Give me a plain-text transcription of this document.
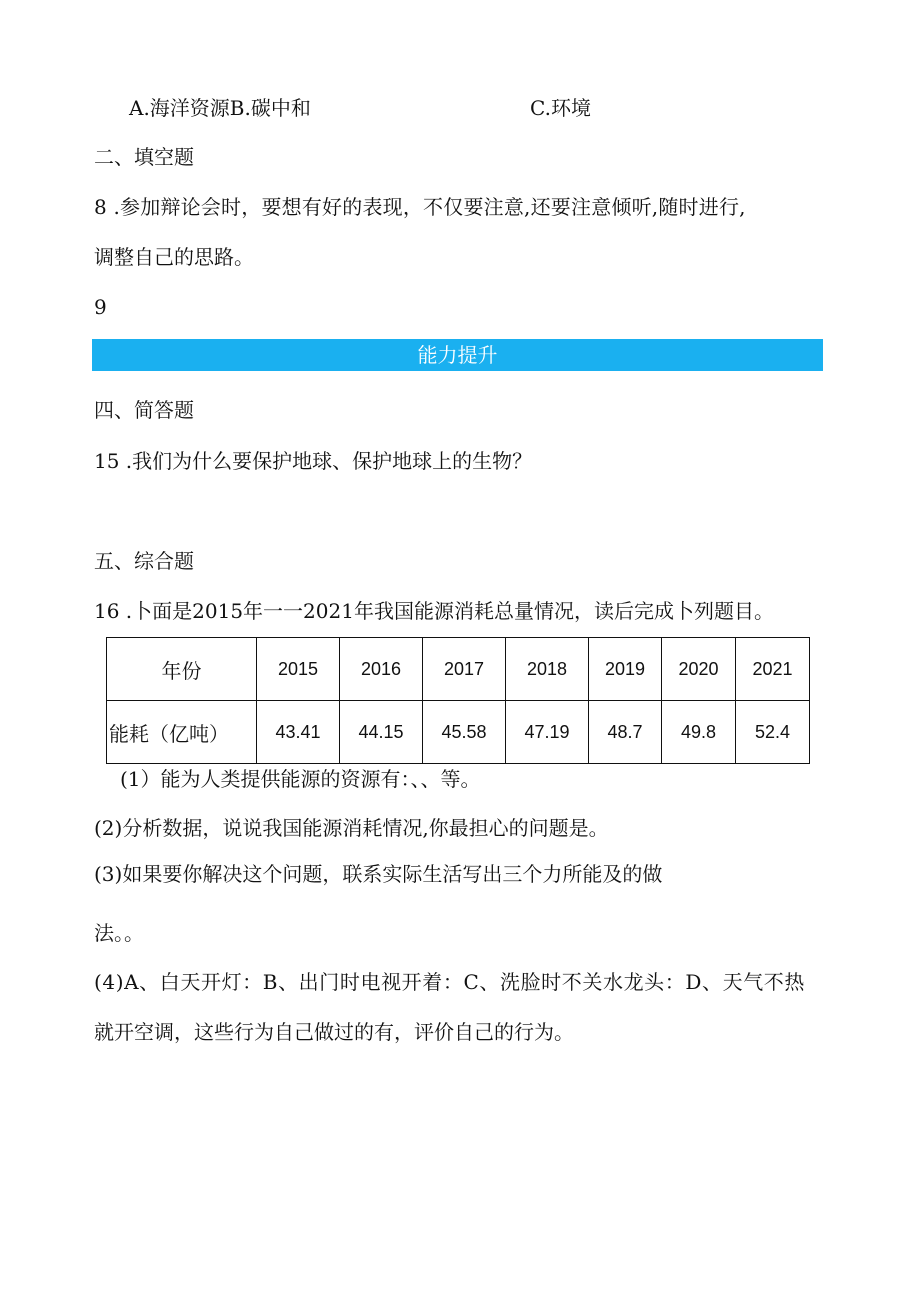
A.海洋资源B.碳中和	C.环境
二、填空题
8 .参加辩论会时，要想有好的表现，不仅要注意,还要注意倾听,随时进行,
调整自己的思路。
9
能力提升
四、简答题
15 .我们为什么要保护地球、保护地球上的生物？
五、综合题
16 .卜面是2015年一一2021年我国能源消耗总量情况，读后完成卜列题目。
年份	2015	2016	2017	2018	2019	2020	2021
能耗（亿吨）	43.41	44.15	45.58	47.19	48.7	49.8	52.4
(1）能为人类提供能源的资源有：、、等。
(2)分析数据，说说我国能源消耗情况,你最担心的问题是。
(3)如果要你解决这个问题，联系实际生活写出三个力所能及的做
法。。
(4)A、白天开灯：B、出门时电视开着：C、洗脸时不关水龙头：D、天气不热
就开空调，这些行为自己做过的有，评价自己的行为。
